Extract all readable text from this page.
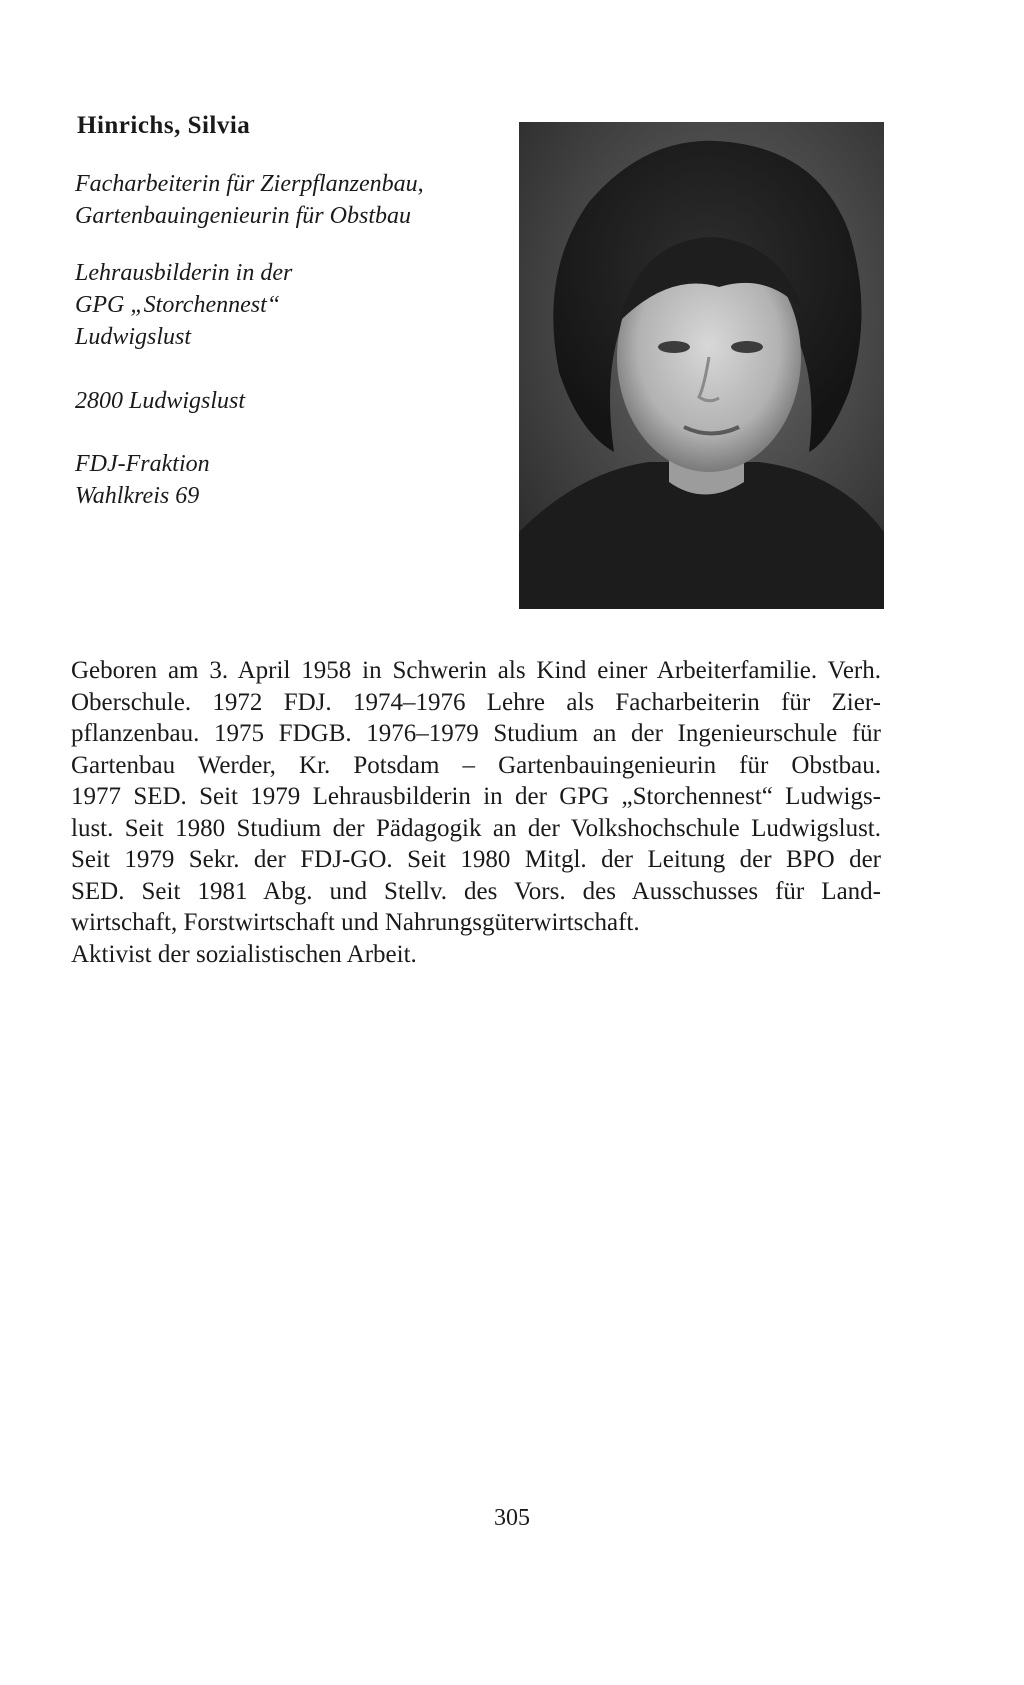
Hinrichs, Silvia
Facharbeiterin für Zierpflanzenbau,
Gartenbauingenieurin für Obstbau
Lehrausbilderin in der
GPG „Storchennest“
Ludwigslust
2800 Ludwigslust
FDJ-Fraktion
Wahlkreis 69
Geboren am 3. April 1958 in Schwerin als Kind einer Arbeiterfamilie. Verh.
Oberschule. 1972 FDJ. 1974–1976 Lehre als Facharbeiterin für Zier-
pflanzenbau. 1975 FDGB. 1976–1979 Studium an der Ingenieurschule für
Gartenbau Werder, Kr. Potsdam – Gartenbauingenieurin für Obstbau.
1977 SED. Seit 1979 Lehrausbilderin in der GPG „Storchennest“ Ludwigs-
lust. Seit 1980 Studium der Pädagogik an der Volkshochschule Ludwigslust.
Seit 1979 Sekr. der FDJ-GO. Seit 1980 Mitgl. der Leitung der BPO der
SED. Seit 1981 Abg. und Stellv. des Vors. des Ausschusses für Land-
wirtschaft, Forstwirtschaft und Nahrungsgüterwirtschaft.
Aktivist der sozialistischen Arbeit.
305
